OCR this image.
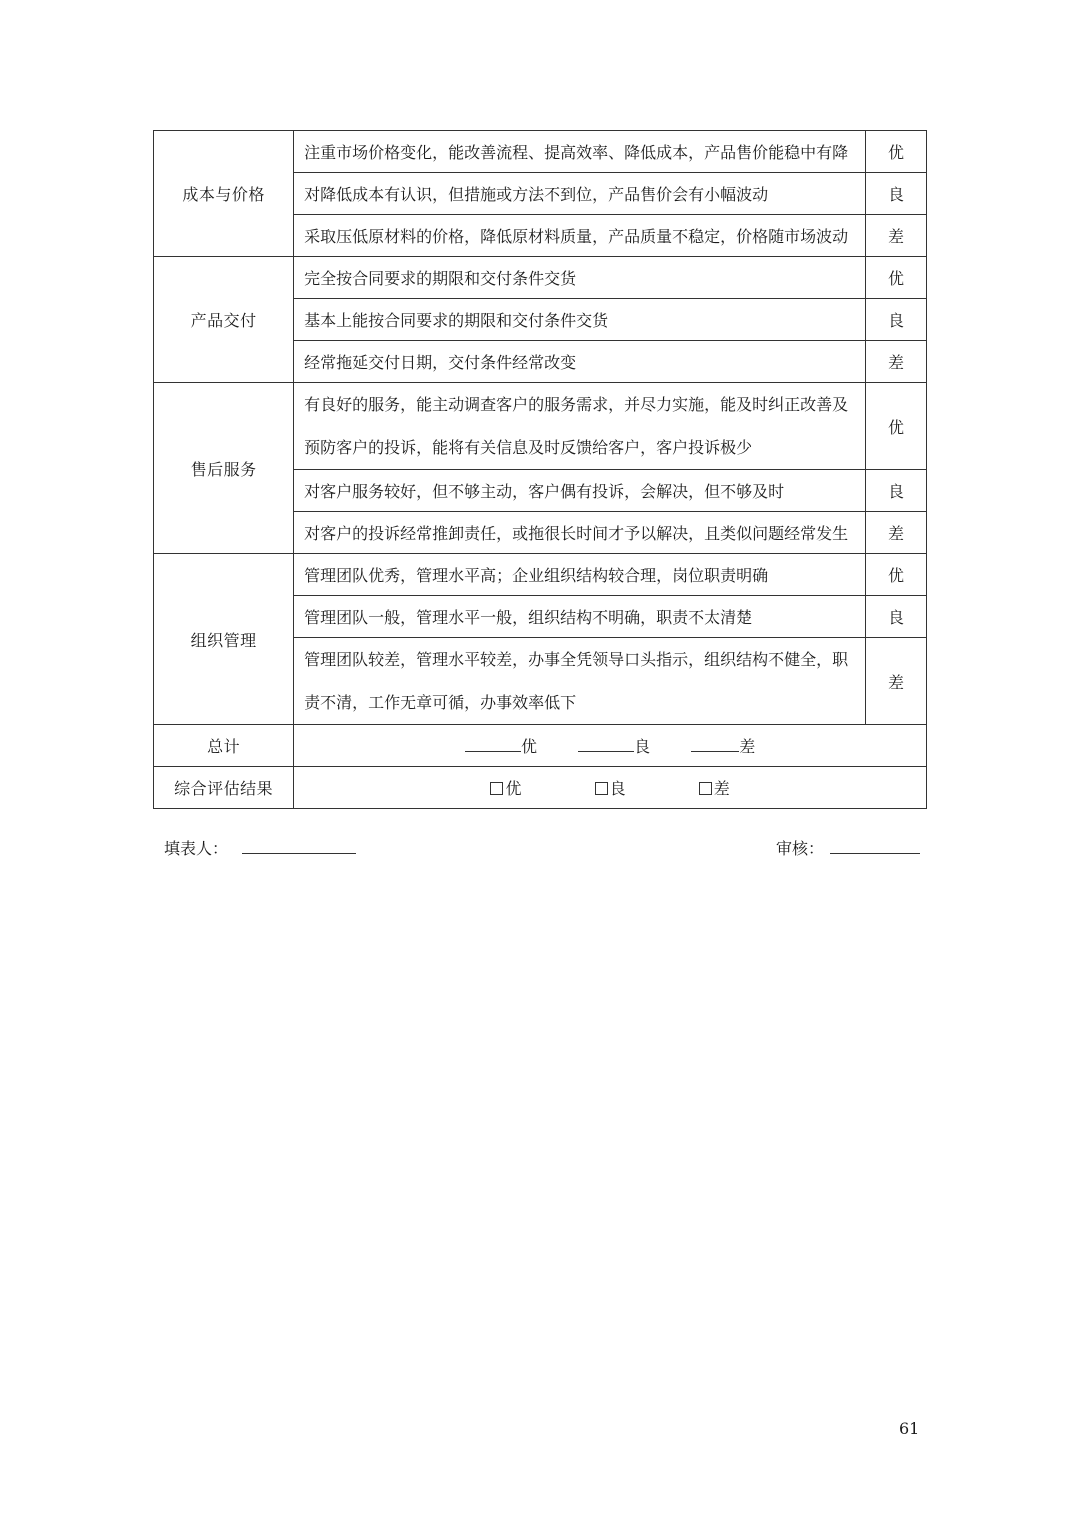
成本与价格	注重市场价格变化，能改善流程、提高效率、降低成本，产品售价能稳中有降	优
	对降低成本有认识，但措施或方法不到位，产品售价会有小幅波动	良
	采取压低原材料的价格，降低原材料质量，产品质量不稳定，价格随市场波动	差
产品交付	完全按合同要求的期限和交付条件交货	优
	基本上能按合同要求的期限和交付条件交货	良
	经常拖延交付日期，交付条件经常改变	差
售后服务	有良好的服务，能主动调查客户的服务需求，并尽力实施，能及时纠正改善及预防客户的投诉，能将有关信息及时反馈给客户，客户投诉极少	优
	对客户服务较好，但不够主动，客户偶有投诉，会解决，但不够及时	良
	对客户的投诉经常推卸责任，或拖很长时间才予以解决，且类似问题经常发生	差
组织管理	管理团队优秀，管理水平高；企业组织结构较合理，岗位职责明确	优
	管理团队一般，管理水平一般，组织结构不明确，职责不太清楚	良
	管理团队较差，管理水平较差，办事全凭领导口头指示，组织结构不健全，职责不清，工作无章可循，办事效率低下	差
总计	优 良 差	
综合评估结果	优 良 差	
填表人：	审核：
61
